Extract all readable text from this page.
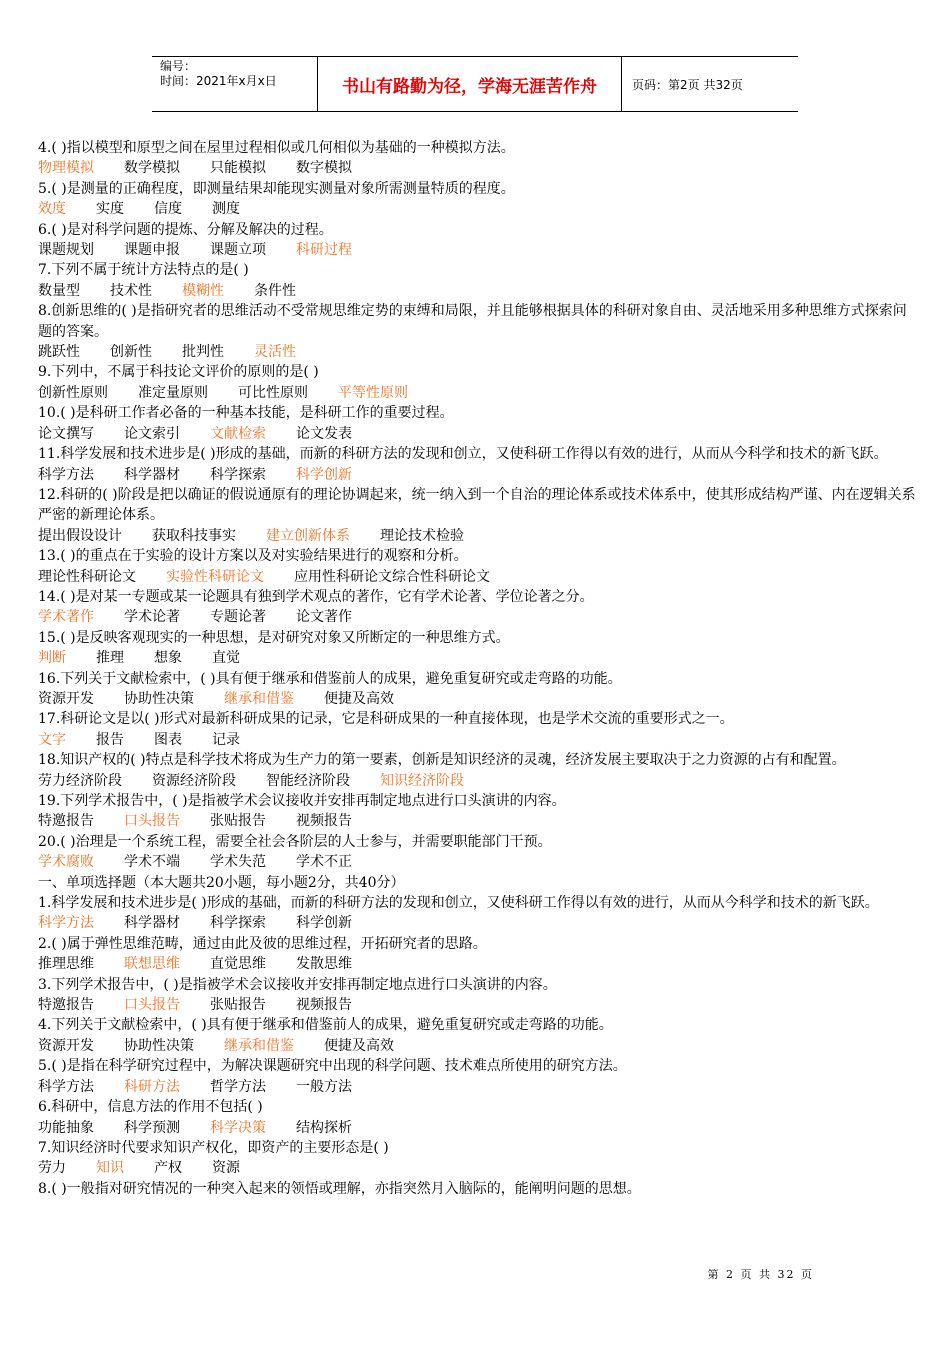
编号：
时间：2021年x月x日	书山有路勤为径，学海无涯苦作舟	页码：第2页 共32页
4.( )指以模型和原型之间在屋里过程相似或几何相似为基础的一种模拟方法。
物理模拟 数学模拟 只能模拟 数字模拟
5.( )是测量的正确程度，即测量结果却能现实测量对象所需测量特质的程度。
效度 实度 信度 测度
6.( )是对科学问题的提炼、分解及解决的过程。
课题规划 课题申报 课题立项 科研过程
7.下列不属于统计方法特点的是( )
数量型 技术性 模糊性 条件性
8.创新思维的( )是指研究者的思维活动不受常规思维定势的束缚和局限，并且能够根据具体的科研对象自由、灵活地采用多种思维方式探索问题的答案。
跳跃性 创新性 批判性 灵活性
9.下列中，不属于科技论文评价的原则的是( )
创新性原则 准定量原则 可比性原则 平等性原则
10.( )是科研工作者必备的一种基本技能，是科研工作的重要过程。
论文撰写 论文索引 文献检索 论文发表
11.科学发展和技术进步是( )形成的基础，而新的科研方法的发现和创立，又使科研工作得以有效的进行，从而从今科学和技术的新飞跃。
科学方法 科学器材 科学探索 科学创新
12.科研的( )阶段是把以确证的假说通原有的理论协调起来，统一纳入到一个自治的理论体系或技术体系中，使其形成结构严谨、内在逻辑关系严密的新理论体系。
提出假设设计 获取科技事实 建立创新体系 理论技术检验
13.( )的重点在于实验的设计方案以及对实验结果进行的观察和分析。
理论性科研论文 实验性科研论文 应用性科研论文综合性科研论文
14.( )是对某一专题或某一论题具有独到学术观点的著作，它有学术论著、学位论著之分。
学术著作 学术论著 专题论著 论文著作
15.( )是反映客观现实的一种思想，是对研究对象又所断定的一种思维方式。
判断 推理 想象 直觉
16.下列关于文献检索中，( )具有便于继承和借鉴前人的成果，避免重复研究或走弯路的功能。
资源开发 协助性决策 继承和借鉴 便捷及高效
17.科研论文是以( )形式对最新科研成果的记录，它是科研成果的一种直接体现，也是学术交流的重要形式之一。
文字 报告 图表 记录
18.知识产权的( )特点是科学技术将成为生产力的第一要素，创新是知识经济的灵魂，经济发展主要取决于之力资源的占有和配置。
劳力经济阶段 资源经济阶段 智能经济阶段 知识经济阶段
19.下列学术报告中，( )是指被学术会议接收并安排再制定地点进行口头演讲的内容。
特邀报告 口头报告 张贴报告 视频报告
20.( )治理是一个系统工程，需要全社会各阶层的人士参与，并需要职能部门干预。
学术腐败 学术不端 学术失范 学术不正
一、单项选择题（本大题共20小题，每小题2分，共40分）
1.科学发展和技术进步是( )形成的基础，而新的科研方法的发现和创立，又使科研工作得以有效的进行，从而从今科学和技术的新飞跃。
科学方法 科学器材 科学探索 科学创新
2.( )属于弹性思维范畴，通过由此及彼的思维过程，开拓研究者的思路。
推理思维 联想思维 直觉思维 发散思维
3.下列学术报告中，( )是指被学术会议接收并安排再制定地点进行口头演讲的内容。
特邀报告 口头报告 张贴报告 视频报告
4.下列关于文献检索中，( )具有便于继承和借鉴前人的成果，避免重复研究或走弯路的功能。
资源开发 协助性决策 继承和借鉴 便捷及高效
5.( )是指在科学研究过程中，为解决课题研究中出现的科学问题、技术难点所使用的研究方法。
科学方法 科研方法 哲学方法 一般方法
6.科研中，信息方法的作用不包括( )
功能抽象 科学预测 科学决策 结构探析
7.知识经济时代要求知识产权化，即资产的主要形态是( )
劳力 知识 产权 资源
8.( )一般指对研究情况的一种突入起来的领悟或理解，亦指突然月入脑际的，能阐明问题的思想。
第 2 页 共 32 页
